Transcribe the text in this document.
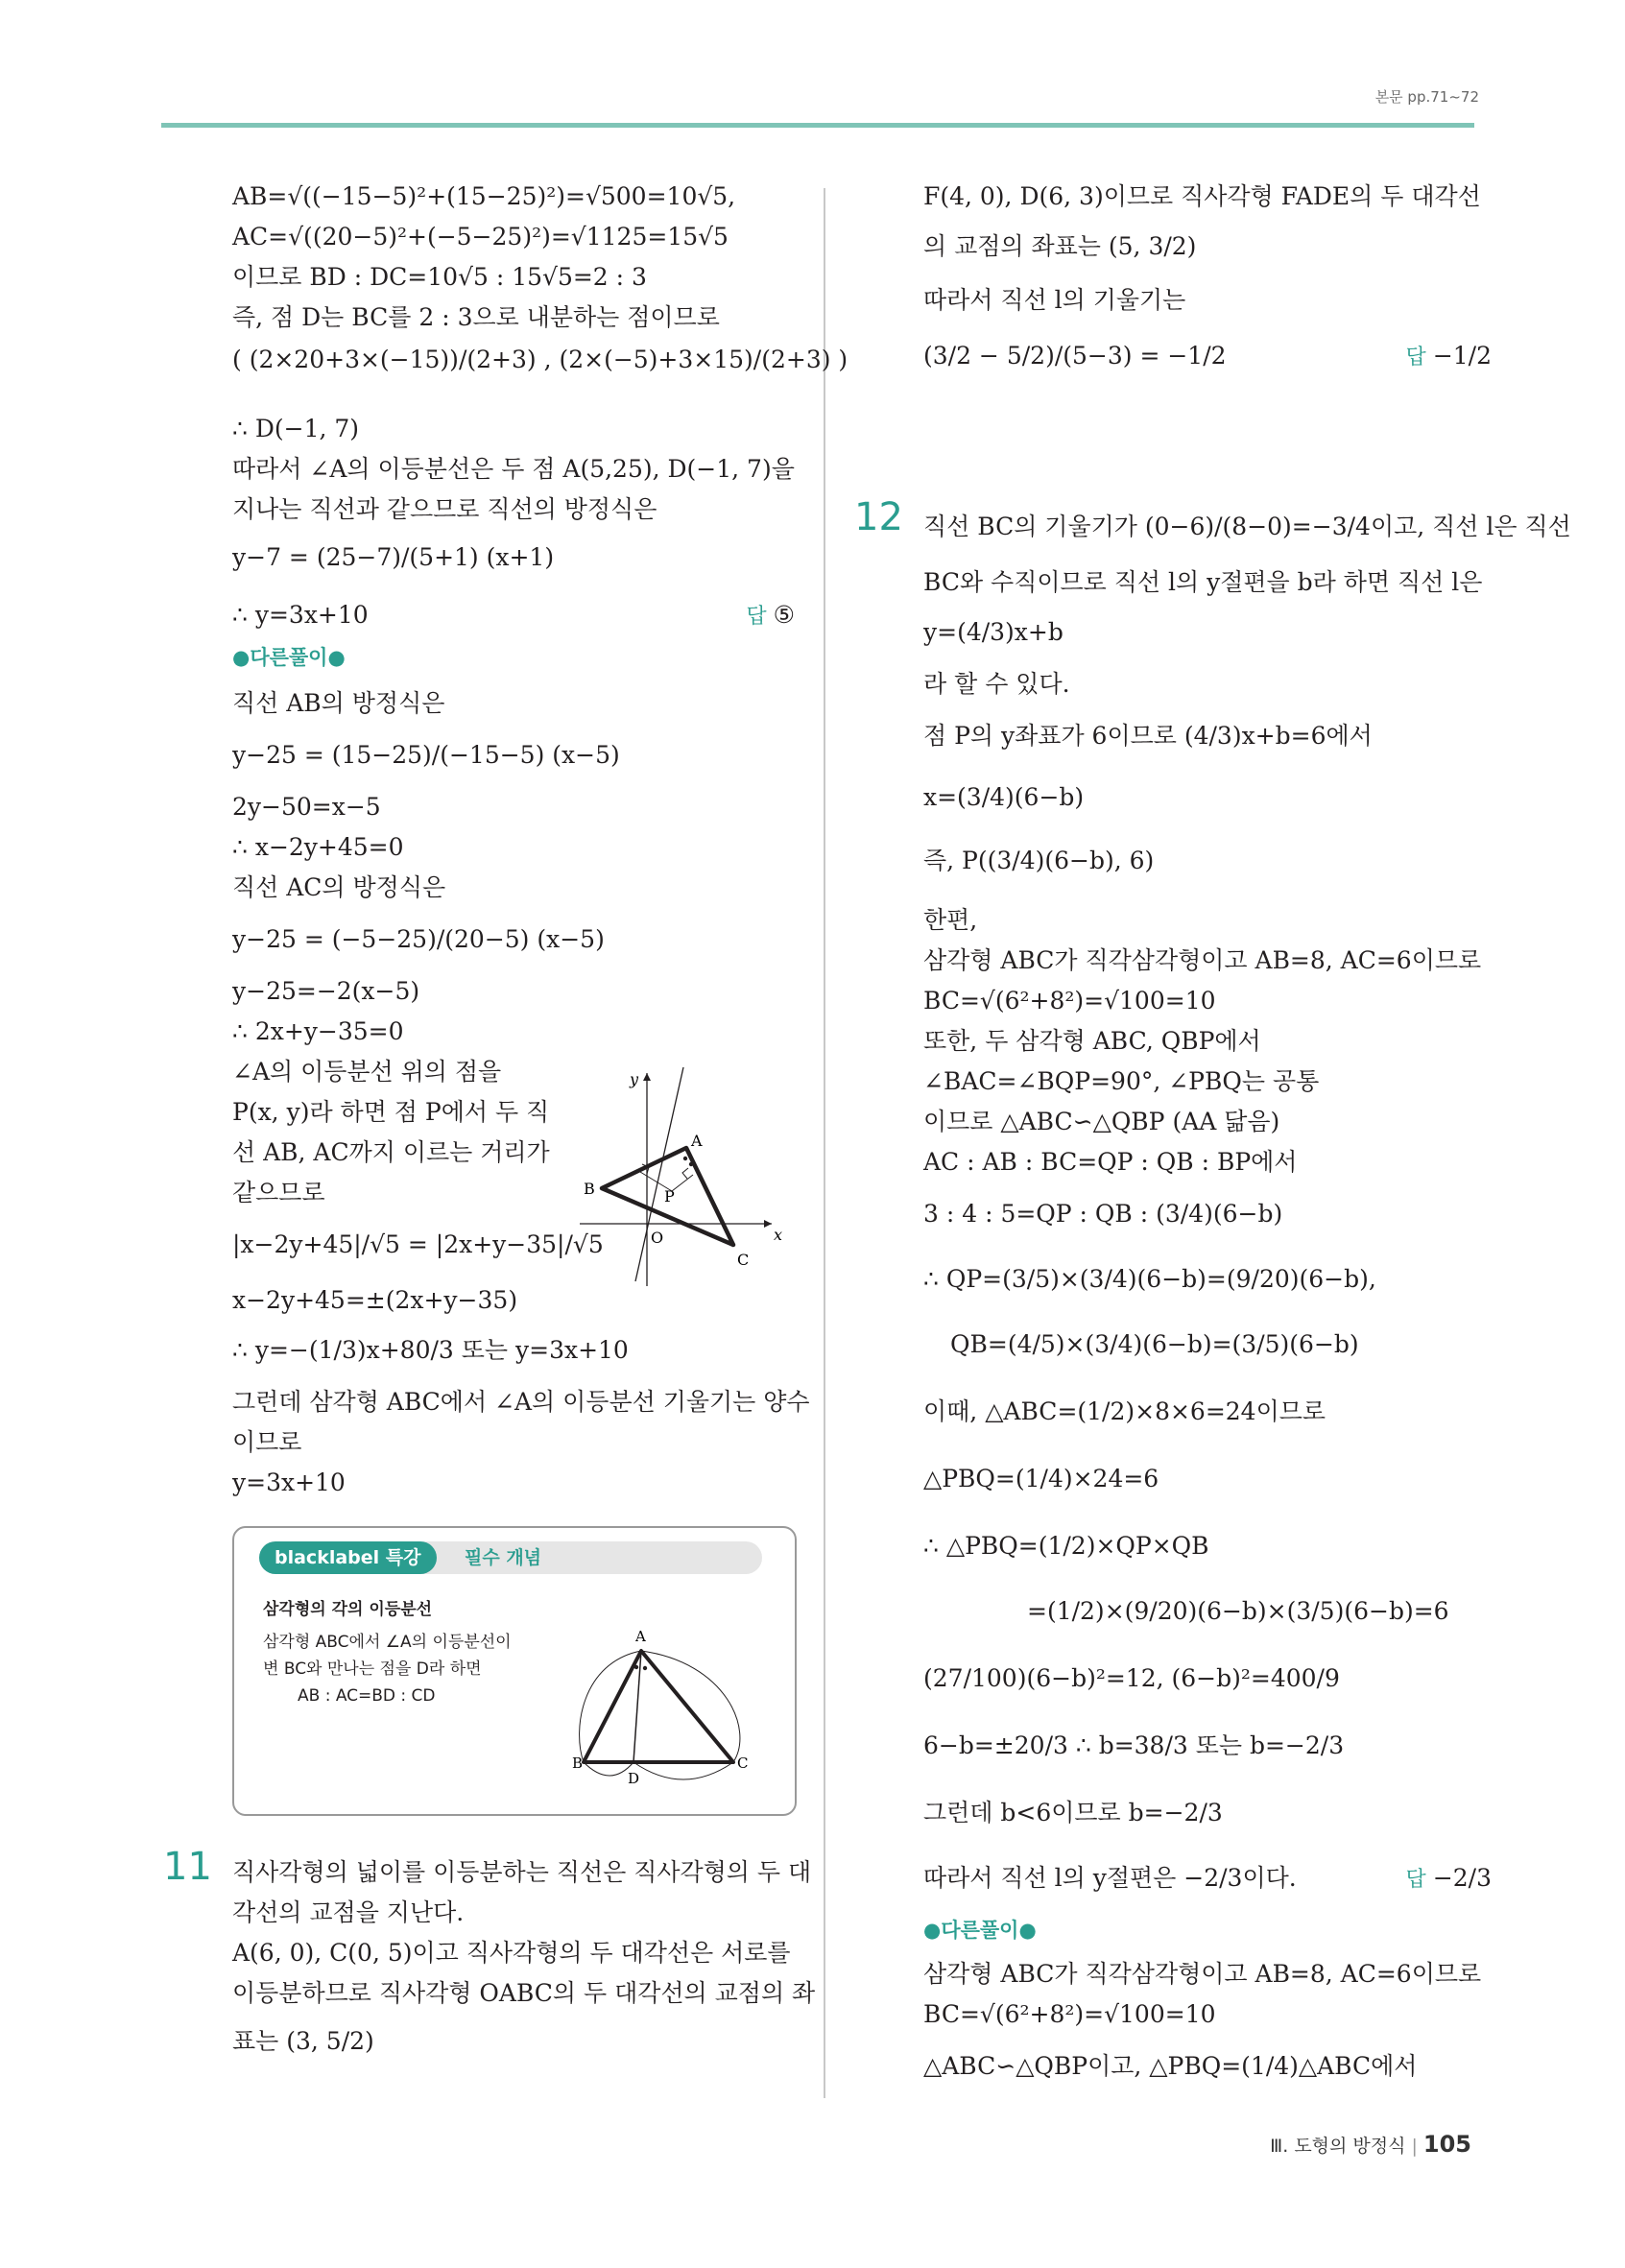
본문 pp.71~72
AB=√((−15−5)²+(15−25)²)=√500=10√5,
AC=√((20−5)²+(−5−25)²)=√1125=15√5
이므로 BD : DC=10√5 : 15√5=2 : 3
즉, 점 D는 BC를 2 : 3으로 내분하는 점이므로
( (2×20+3×(−15))/(2+3) , (2×(−5)+3×15)/(2+3) )
∴ D(−1, 7)
따라서 ∠A의 이등분선은 두 점 A(5,25), D(−1, 7)을
지나는 직선과 같으므로 직선의 방정식은
y−7 = (25−7)/(5+1) (x+1)
∴ y=3x+10	답 ⑤
●다른풀이●
직선 AB의 방정식은
y−25 = (15−25)/(−15−5) (x−5)
2y−50=x−5
∴ x−2y+45=0
직선 AC의 방정식은
y−25 = (−5−25)/(20−5) (x−5)
y−25=−2(x−5)
∴ 2x+y−35=0
∠A의 이등분선 위의 점을
P(x, y)라 하면 점 P에서 두 직
선 AB, AC까지 이르는 거리가
같으므로
|x−2y+45|/√5 = |2x+y−35|/√5
x−2y+45=±(2x+y−35)
∴ y=−(1/3)x+80/3 또는 y=3x+10
그런데 삼각형 ABC에서 ∠A의 이등분선 기울기는 양수
이므로
y=3x+10
y
x
O
A
B
C
P
blacklabel 특강	필수 개념
삼각형의 각의 이등분선
삼각형 ABC에서 ∠A의 이등분선이
변 BC와 만나는 점을 D라 하면
AB : AC=BD : CD
A
B	C
D
11 직사각형의 넓이를 이등분하는 직선은 직사각형의 두 대
각선의 교점을 지난다.
A(6, 0), C(0, 5)이고 직사각형의 두 대각선은 서로를
이등분하므로 직사각형 OABC의 두 대각선의 교점의 좌
표는 (3, 5/2)
F(4, 0), D(6, 3)이므로 직사각형 FADE의 두 대각선
의 교점의 좌표는 (5, 3/2)
따라서 직선 l의 기울기는
(3/2 − 5/2)/(5−3) = −1/2	답 −1/2
12 직선 BC의 기울기가 (0−6)/(8−0)=−3/4이고, 직선 l은 직선
BC와 수직이므로 직선 l의 y절편을 b라 하면 직선 l은
y=(4/3)x+b
라 할 수 있다.
점 P의 y좌표가 6이므로 (4/3)x+b=6에서
x=(3/4)(6−b)
즉, P((3/4)(6−b), 6)
한편,
삼각형 ABC가 직각삼각형이고 AB=8, AC=6이므로
BC=√(6²+8²)=√100=10
또한, 두 삼각형 ABC, QBP에서
∠BAC=∠BQP=90°, ∠PBQ는 공통
이므로 △ABC∽△QBP (AA 닮음)
AC : AB : BC=QP : QB : BP에서
3 : 4 : 5=QP : QB : (3/4)(6−b)
∴ QP=(3/5)×(3/4)(6−b)=(9/20)(6−b),
QB=(4/5)×(3/4)(6−b)=(3/5)(6−b)
이때, △ABC=(1/2)×8×6=24이므로
△PBQ=(1/4)×24=6
∴ △PBQ=(1/2)×QP×QB
=(1/2)×(9/20)(6−b)×(3/5)(6−b)=6
(27/100)(6−b)²=12, (6−b)²=400/9
6−b=±20/3 ∴ b=38/3 또는 b=−2/3
그런데 b<6이므로 b=−2/3
따라서 직선 l의 y절편은 −2/3이다.	답 −2/3
●다른풀이●
삼각형 ABC가 직각삼각형이고 AB=8, AC=6이므로
BC=√(6²+8²)=√100=10
△ABC∽△QBP이고, △PBQ=(1/4)△ABC에서
Ⅲ. 도형의 방정식 | 105
